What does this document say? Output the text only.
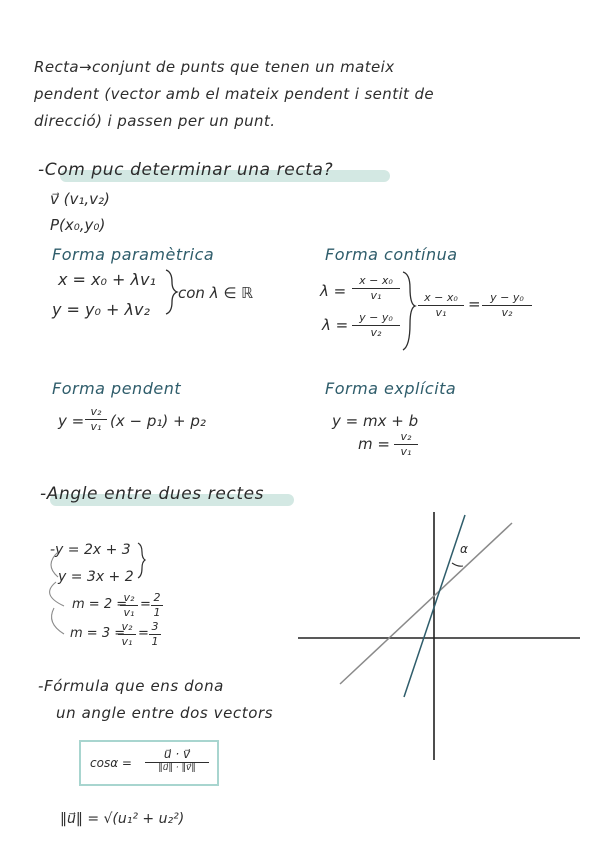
Recta→conjunt de punts que tenen un mateix
pendent (vector amb el mateix pendent i sentit de
direcció) i passen per un punt.
-Com puc determinar una recta?
v⃗ (v₁,v₂)
P(x₀,y₀)
Forma paramètrica
x = x₀ + λv₁
y = y₀ + λv₂
con λ ∈ ℝ
Forma contínua
λ =
x − x₀
v₁
λ = y − y₀
v₂
x − x₀
v₁ = y − y₀
v₂
Forma pendent
y =
v₂
v₁ (x − p₁) + p₂
Forma explícita
y = mx + b
m = v₂
v₁
-Angle entre dues rectes
-y = 2x + 3
y = 3x + 2
m = 2 =
v₂
v₁
= 2
1
m = 3 =
v₂
v₁
= 3
1
α
-Fórmula que ens dona
un angle entre dos vectors
cosα =
u⃗ · v⃗
‖u⃗‖ · ‖v⃗‖
‖u⃗‖ = √(u₁² + u₂²)
